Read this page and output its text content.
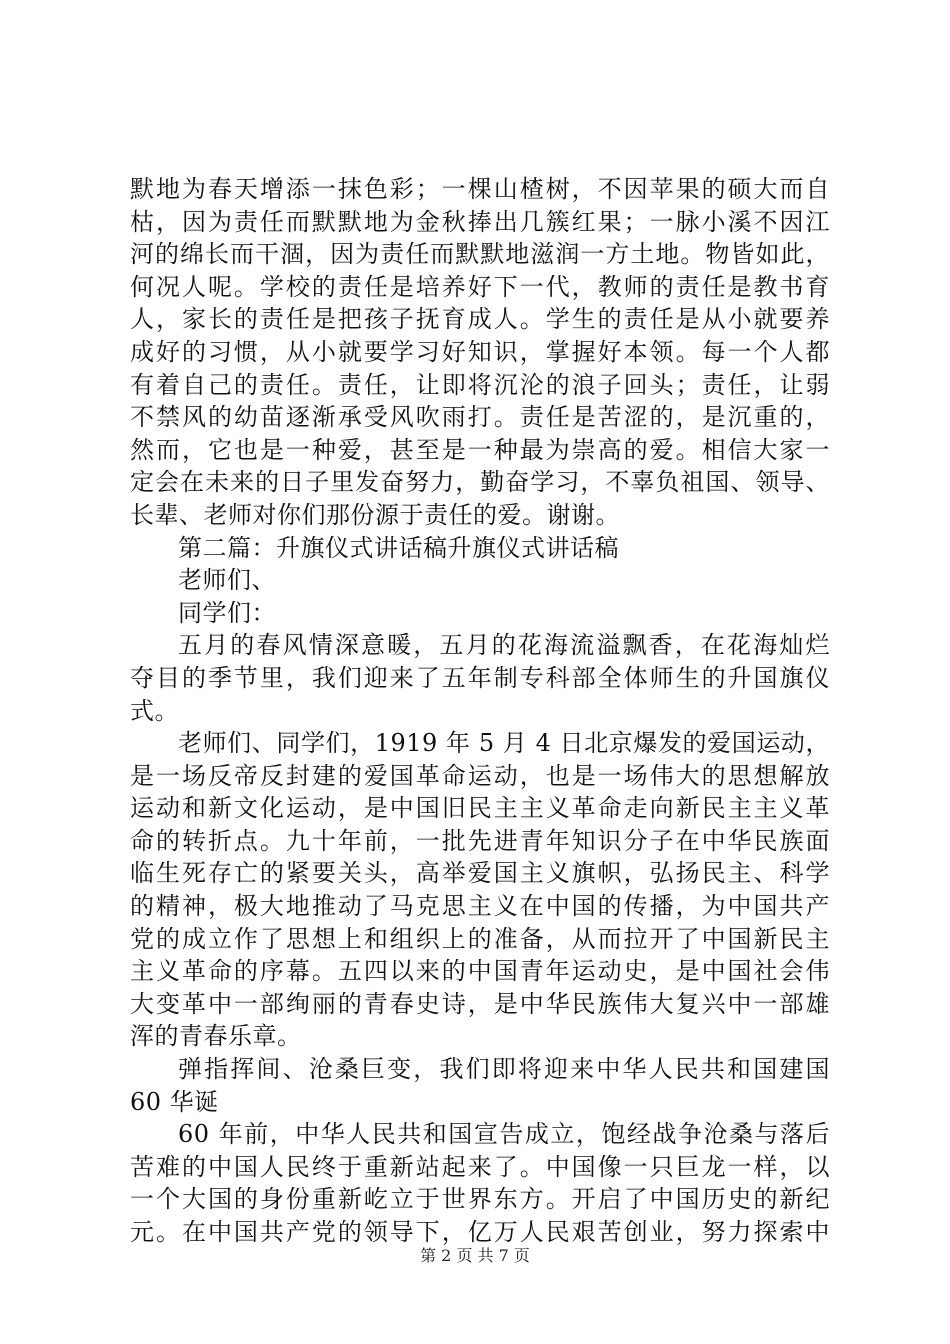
默地为春天增添一抹色彩；一棵山楂树，不因苹果的硕大而自
枯，因为责任而默默地为金秋捧出几簇红果；一脉小溪不因江
河的绵长而干涸，因为责任而默默地滋润一方土地。物皆如此，
何况人呢。学校的责任是培养好下一代，教师的责任是教书育
人，家长的责任是把孩子抚育成人。学生的责任是从小就要养
成好的习惯，从小就要学习好知识，掌握好本领。每一个人都
有着自己的责任。责任，让即将沉沦的浪子回头；责任，让弱
不禁风的幼苗逐渐承受风吹雨打。责任是苦涩的，是沉重的，
然而，它也是一种爱，甚至是一种最为崇高的爱。相信大家一
定会在未来的日子里发奋努力，勤奋学习，不辜负祖国、领导、
长辈、老师对你们那份源于责任的爱。谢谢。
第二篇：升旗仪式讲话稿升旗仪式讲话稿
老师们、
同学们：
五月的春风情深意暖，五月的花海流溢飘香，在花海灿烂
夺目的季节里，我们迎来了五年制专科部全体师生的升国旗仪
式。
老师们、同学们，1919 年 5 月 4 日北京爆发的爱国运动，
是一场反帝反封建的爱国革命运动，也是一场伟大的思想解放
运动和新文化运动，是中国旧民主主义革命走向新民主主义革
命的转折点。九十年前，一批先进青年知识分子在中华民族面
临生死存亡的紧要关头，高举爱国主义旗帜，弘扬民主、科学
的精神，极大地推动了马克思主义在中国的传播，为中国共产
党的成立作了思想上和组织上的准备，从而拉开了中国新民主
主义革命的序幕。五四以来的中国青年运动史，是中国社会伟
大变革中一部绚丽的青春史诗，是中华民族伟大复兴中一部雄
浑的青春乐章。
弹指挥间、沧桑巨变，我们即将迎来中华人民共和国建国
60 华诞
60 年前，中华人民共和国宣告成立，饱经战争沧桑与落后
苦难的中国人民终于重新站起来了。中国像一只巨龙一样，以
一个大国的身份重新屹立于世界东方。开启了中国历史的新纪
元。在中国共产党的领导下，亿万人民艰苦创业，努力探索中
第 2 页 共 7 页
